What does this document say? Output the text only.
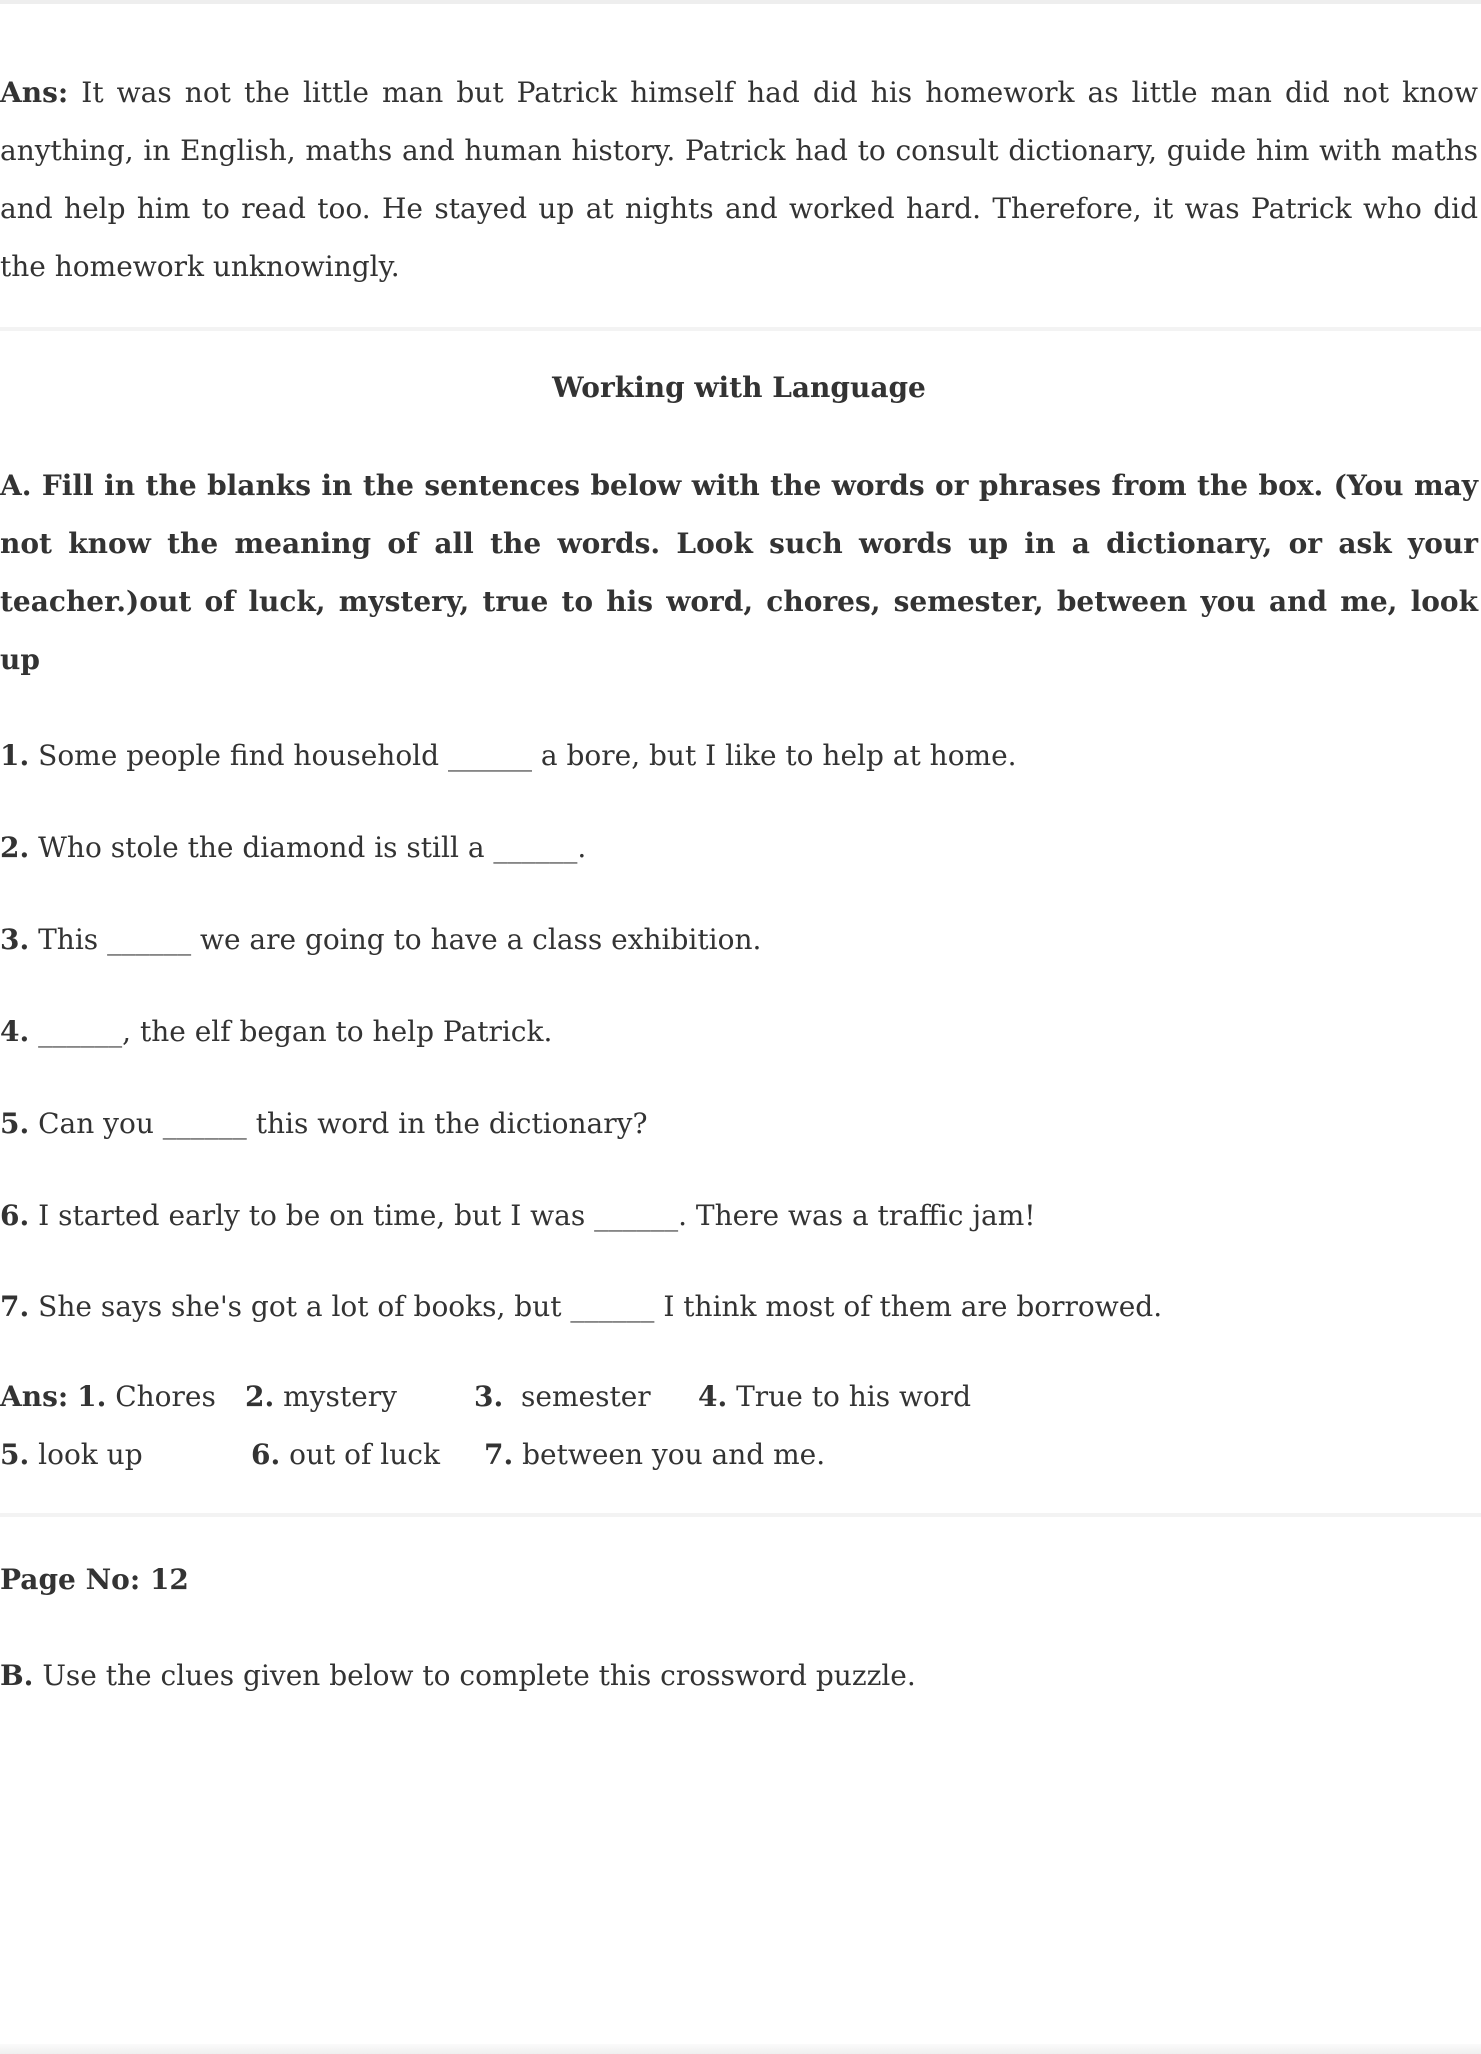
Ans: It was not the little man but Patrick himself had did his homework as little man did not know anything, in English, maths and human history. Patrick had to consult dictionary, guide him with maths and help him to read too. He stayed up at nights and worked hard. Therefore, it was Patrick who did the homework unknowingly.

Working with Language

A. Fill in the blanks in the sentences below with the words or phrases from the box. (You may not know the meaning of all the words. Look such words up in a dictionary, or ask your teacher.)out of luck, mystery, true to his word, chores, semester, between you and me, look up

1. Some people find household ______ a bore, but I like to help at home.

2. Who stole the diamond is still a ______.

3. This ______ we are going to have a class exhibition.

4. ______, the elf began to help Patrick.

5. Can you ______ this word in the dictionary?

6. I started early to be on time, but I was ______. There was a traffic jam!

7. She says she's got a lot of books, but ______ I think most of them are borrowed.

Ans: 1. Chores 2. mystery	3.  semester 4. True to his word
5. look up	6. out of luck 7. between you and me.

Page No: 12

B. Use the clues given below to complete this crossword puzzle.
